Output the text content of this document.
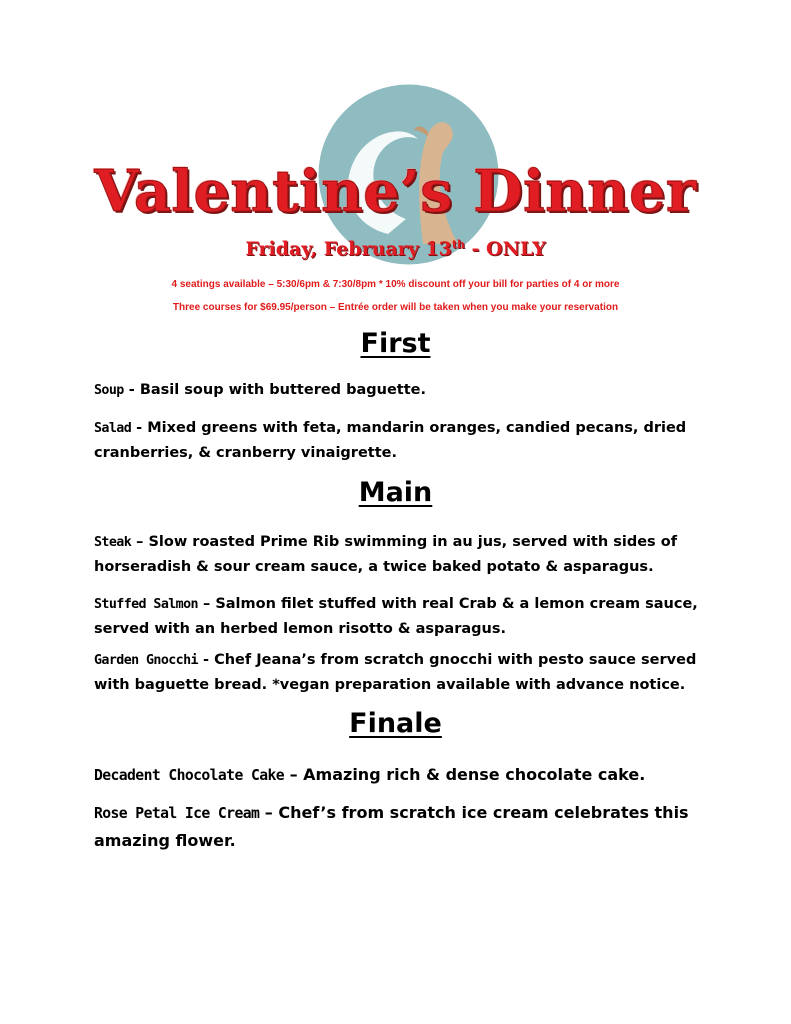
Valentine’s Dinner
Friday, February 13th - ONLY
4 seatings available – 5:30/6pm & 7:30/8pm * 10% discount off your bill for parties of 4 or more
Three courses for $69.95/person – Entrée order will be taken when you make your reservation
First
Soup - Basil soup with buttered baguette.
Salad - Mixed greens with feta, mandarin oranges, candied pecans, dried cranberries, & cranberry vinaigrette.
Main
Steak – Slow roasted Prime Rib swimming in au jus, served with sides of horseradish & sour cream sauce, a twice baked potato & asparagus.
Stuffed Salmon – Salmon filet stuffed with real Crab & a lemon cream sauce, served with an herbed lemon risotto & asparagus.
Garden Gnocchi - Chef Jeana’s from scratch gnocchi with pesto sauce served with baguette bread. *vegan preparation available with advance notice.
Finale
Decadent Chocolate Cake – Amazing rich & dense chocolate cake.
Rose Petal Ice Cream – Chef’s from scratch ice cream celebrates this amazing flower.
